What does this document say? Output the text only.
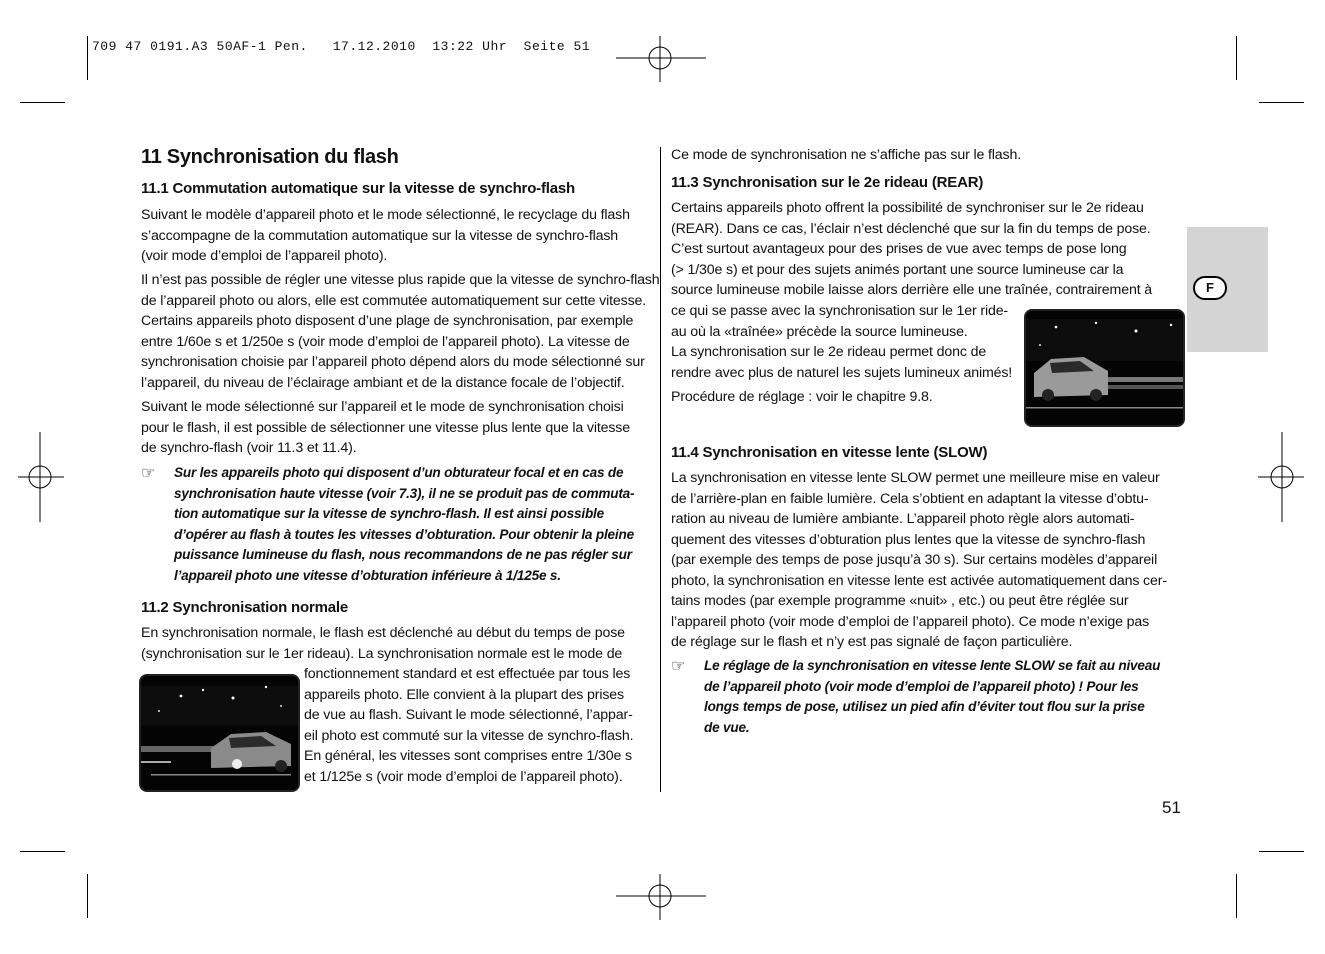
709 47 0191.A3 50AF-1 Pen.   17.12.2010  13:22 Uhr  Seite 51
F
11 Synchronisation du flash
11.1 Commutation automatique sur la vitesse de synchro-flash
Suivant le modèle d’appareil photo et le mode sélectionné, le recyclage du flash
s’accompagne de la commutation automatique sur la vitesse de synchro-flash
(voir mode d’emploi de l’appareil photo).
Il n’est pas possible de régler une vitesse plus rapide que la vitesse de synchro-flash
de l’appareil photo ou alors, elle est commutée automatiquement sur cette vitesse.
Certains appareils photo disposent d’une plage de synchronisation, par exemple
entre 1/60e s et 1/250e s (voir mode d’emploi de l’appareil photo). La vitesse de
synchronisation choisie par l’appareil photo dépend alors du mode sélectionné sur
l’appareil, du niveau de l’éclairage ambiant et de la distance focale de l’objectif.
Suivant le mode sélectionné sur l’appareil et le mode de synchronisation choisi
pour le flash, il est possible de sélectionner une vitesse plus lente que la vitesse
de synchro-flash (voir 11.3 et 11.4).
☞ Sur les appareils photo qui disposent d’un obturateur focal et en cas de
synchronisation haute vitesse (voir 7.3), il ne se produit pas de commuta-
tion automatique sur la vitesse de synchro-flash. Il est ainsi possible
d’opérer au flash à toutes les vitesses d’obturation. Pour obtenir la pleine
puissance lumineuse du flash, nous recommandons de ne pas régler sur
l’appareil photo une vitesse d’obturation inférieure à 1/125e s.
11.2 Synchronisation normale
En synchronisation normale, le flash est déclenché au début du temps de pose
(synchronisation sur le 1er rideau). La synchronisation normale est le mode de
fonctionnement standard et est effectuée par tous les
appareils photo. Elle convient à la plupart des prises
de vue au flash. Suivant le mode sélectionné, l’appar-
eil photo est commuté sur la vitesse de synchro-flash.
En général, les vitesses sont comprises entre 1/30e s
et 1/125e s (voir mode d’emploi de l’appareil photo).
Ce mode de synchronisation ne s’affiche pas sur le flash.
11.3 Synchronisation sur le 2e rideau (REAR)
Certains appareils photo offrent la possibilité de synchroniser sur le 2e rideau
(REAR). Dans ce cas, l’éclair n’est déclenché que sur la fin du temps de pose.
C’est surtout avantageux pour des prises de vue avec temps de pose long
(> 1/30e s) et pour des sujets animés portant une source lumineuse car la
source lumineuse mobile laisse alors derrière elle une traînée, contrairement à
ce qui se passe avec la synchronisation sur le 1er ride-
au où la «traînée» précède la source lumineuse.
La synchronisation sur le 2e rideau permet donc de
rendre avec plus de naturel les sujets lumineux animés!
Procédure de réglage : voir le chapitre 9.8.
11.4 Synchronisation en vitesse lente (SLOW)
La synchronisation en vitesse lente SLOW permet une meilleure mise en valeur
de l’arrière-plan en faible lumière. Cela s’obtient en adaptant la vitesse d’obtu-
ration au niveau de lumière ambiante. L’appareil photo règle alors automati-
quement des vitesses d’obturation plus lentes que la vitesse de synchro-flash
(par exemple des temps de pose jusqu’à 30 s). Sur certains modèles d’appareil
photo, la synchronisation en vitesse lente est activée automatiquement dans cer-
tains modes (par exemple programme «nuit» , etc.) ou peut être réglée sur
l’appareil photo (voir mode d’emploi de l’appareil photo). Ce mode n’exige pas
de réglage sur le flash et n’y est pas signalé de façon particulière.
☞ Le réglage de la synchronisation en vitesse lente SLOW se fait au niveau
de l’appareil photo (voir mode d’emploi de l’appareil photo) ! Pour les
longs temps de pose, utilisez un pied afin d’éviter tout flou sur la prise
de vue.
51
